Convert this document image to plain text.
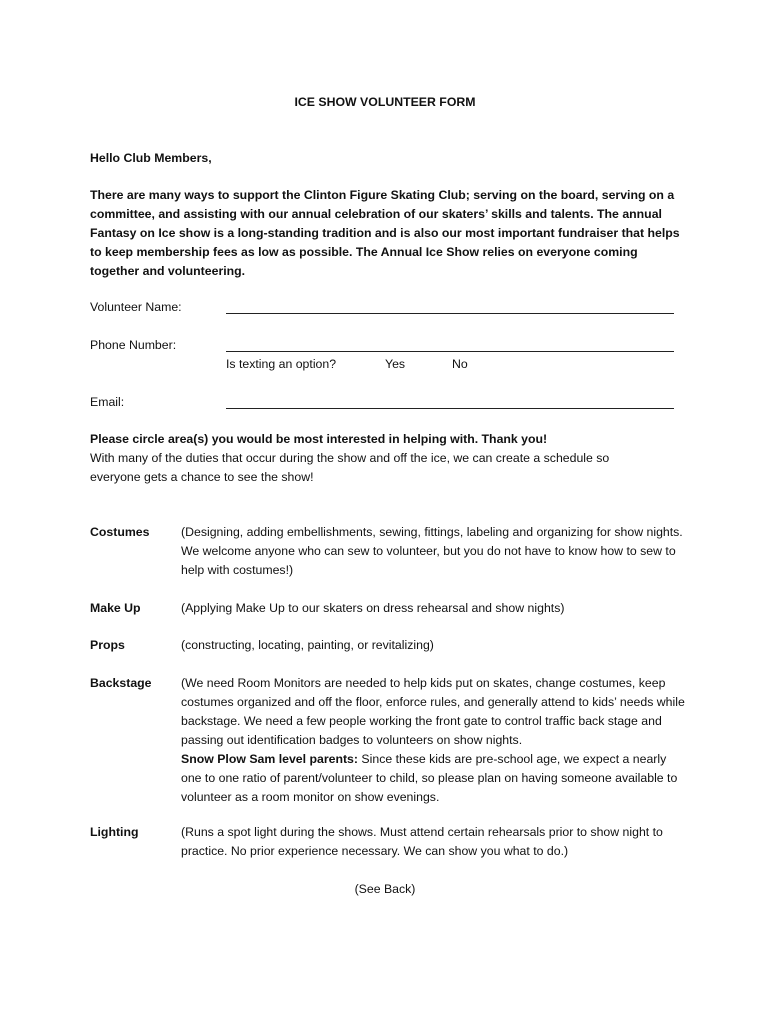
ICE SHOW VOLUNTEER FORM
Hello Club Members,
There are many ways to support the Clinton Figure Skating Club; serving on the board, serving on a committee, and assisting with our annual celebration of our skaters’ skills and talents. The annual Fantasy on Ice show is a long-standing tradition and is also our most important fundraiser that helps to keep membership fees as low as possible. The Annual Ice Show relies on everyone coming together and volunteering.
Volunteer Name:
Phone Number:
Is texting an option?	Yes	No
Email:
Please circle area(s) you would be most interested in helping with. Thank you!
With many of the duties that occur during the show and off the ice, we can create a schedule so everyone gets a chance to see the show!
Costumes	(Designing, adding embellishments, sewing, fittings, labeling and organizing for show nights. We welcome anyone who can sew to volunteer, but you do not have to know how to sew to help with costumes!)
Make Up	(Applying Make Up to our skaters on dress rehearsal and show nights)
Props	(constructing, locating, painting, or revitalizing)
Backstage (We need Room Monitors are needed to help kids put on skates, change costumes, keep costumes organized and off the floor, enforce rules, and generally attend to kids’ needs while backstage. We need a few people working the front gate to control traffic back stage and passing out identification badges to volunteers on show nights.
Snow Plow Sam level parents: Since these kids are pre-school age, we expect a nearly one to one ratio of parent/volunteer to child, so please plan on having someone available to volunteer as a room monitor on show evenings.
Lighting	(Runs a spot light during the shows. Must attend certain rehearsals prior to show night to practice. No prior experience necessary. We can show you what to do.)
(See Back)
